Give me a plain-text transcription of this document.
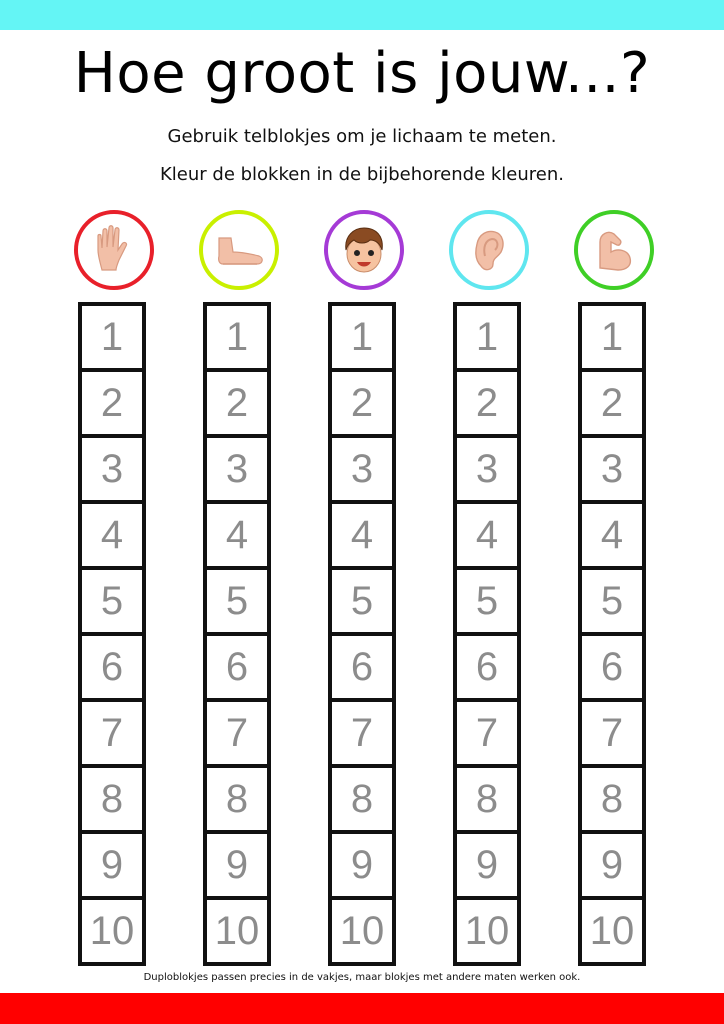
Hoe groot is jouw...?
Gebruik telblokjes om je lichaam te meten.
Kleur de blokken in de bijbehorende kleuren.
1
2
3
4
5
6
7
8
9
10
1
2
3
4
5
6
7
8
9
10
1
2
3
4
5
6
7
8
9
10
1
2
3
4
5
6
7
8
9
10
1
2
3
4
5
6
7
8
9
10
Duploblokjes passen precies in de vakjes, maar blokjes met andere maten werken ook.
